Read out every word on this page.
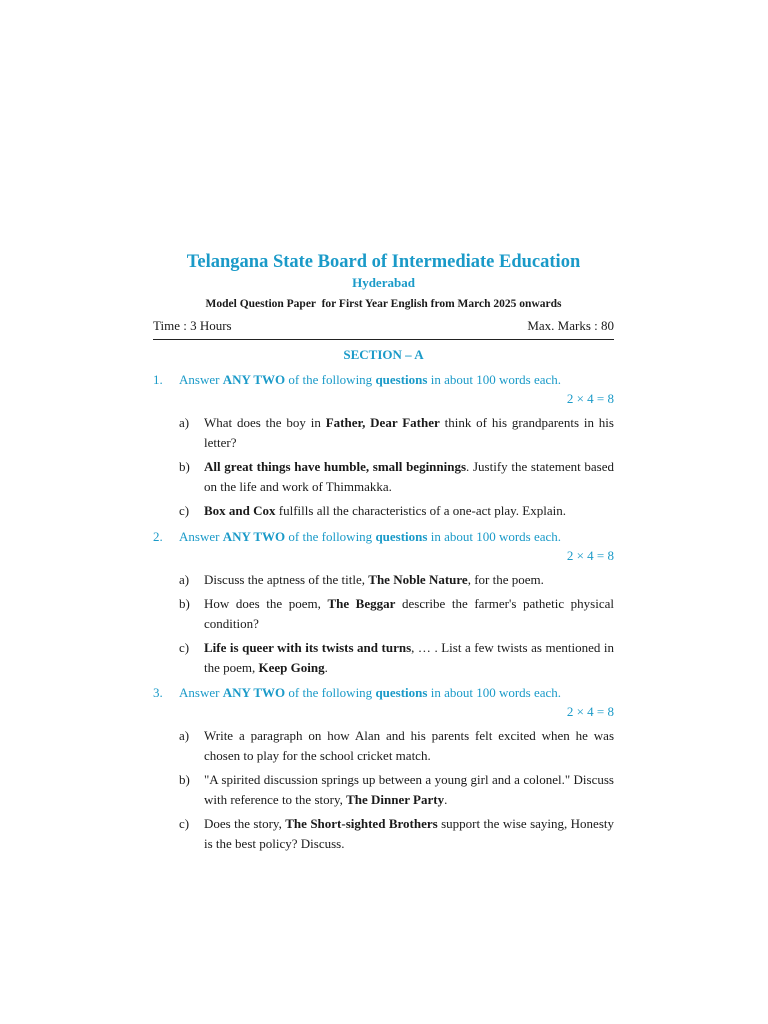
Telangana State Board of Intermediate Education
Hyderabad
Model Question Paper  for First Year English from March 2025 onwards
Time : 3 Hours	Max. Marks : 80
SECTION – A
1.	Answer ANY TWO of the following questions in about 100 words each.
2 × 4 = 8
a)	What does the boy in Father, Dear Father think of his grandparents in his letter?
b)	All great things have humble, small beginnings. Justify the statement based on the life and work of Thimmakka.
c)	Box and Cox fulfills all the characteristics of a one-act play. Explain.
2.	Answer ANY TWO of the following questions in about 100 words each.
2 × 4 = 8
a)	Discuss the aptness of the title, The Noble Nature, for the poem.
b)	How does the poem, The Beggar describe the farmer's pathetic physical condition?
c)	Life is queer with its twists and turns, … . List a few twists as mentioned in the poem, Keep Going.
3.	Answer ANY TWO of the following questions in about 100 words each.
2 × 4 = 8
a)	Write a paragraph on how Alan and his parents felt excited when he was chosen to play for the school cricket match.
b)	"A spirited discussion springs up between a young girl and a colonel." Discuss with reference to the story, The Dinner Party.
c)	Does the story, The Short-sighted Brothers support the wise saying, Honesty is the best policy? Discuss.
